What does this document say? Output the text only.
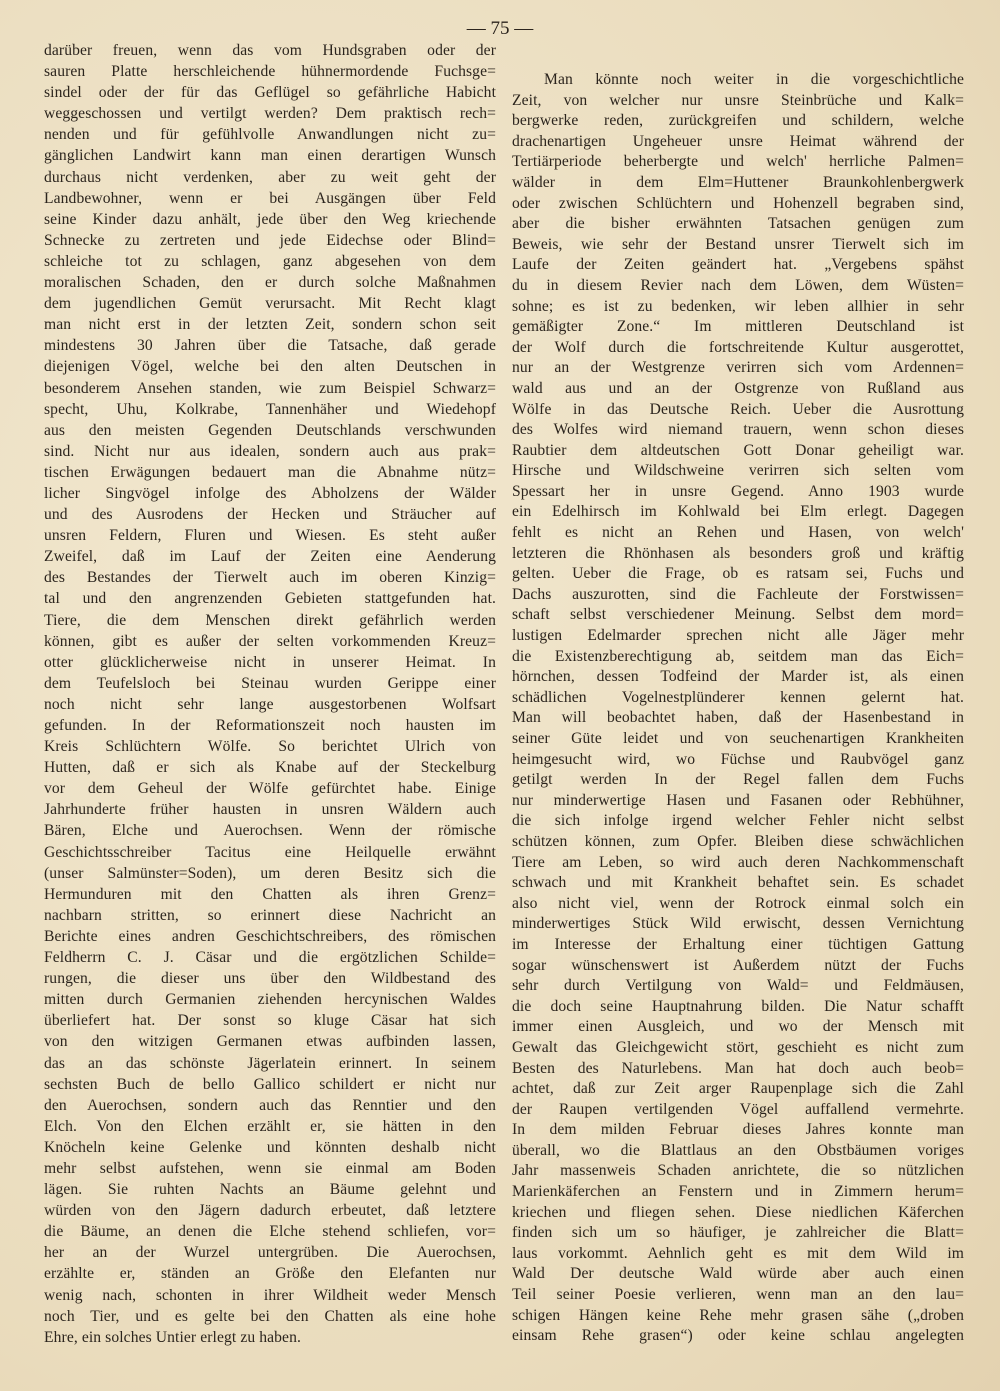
— 75 —
darüber freuen, wenn das vom Hundsgraben oder der
sauren Platte herschleichende hühnermordende Fuchsge=
sindel oder der für das Geflügel so gefährliche Habicht
weggeschossen und vertilgt werden? Dem praktisch rech=
nenden und für gefühlvolle Anwandlungen nicht zu=
gänglichen Landwirt kann man einen derartigen Wunsch
durchaus nicht verdenken, aber zu weit geht der
Landbewohner, wenn er bei Ausgängen über Feld
seine Kinder dazu anhält, jede über den Weg kriechende
Schnecke zu zertreten und jede Eidechse oder Blind=
schleiche tot zu schlagen, ganz abgesehen von dem
moralischen Schaden, den er durch solche Maßnahmen
dem jugendlichen Gemüt verursacht. Mit Recht klagt
man nicht erst in der letzten Zeit, sondern schon seit
mindestens 30 Jahren über die Tatsache, daß gerade
diejenigen Vögel, welche bei den alten Deutschen in
besonderem Ansehen standen, wie zum Beispiel Schwarz=
specht, Uhu, Kolkrabe, Tannenhäher und Wiedehopf
aus den meisten Gegenden Deutschlands verschwunden
sind. Nicht nur aus idealen, sondern auch aus prak=
tischen Erwägungen bedauert man die Abnahme nütz=
licher Singvögel infolge des Abholzens der Wälder
und des Ausrodens der Hecken und Sträucher auf
unsren Feldern, Fluren und Wiesen. Es steht außer
Zweifel, daß im Lauf der Zeiten eine Aenderung
des Bestandes der Tierwelt auch im oberen Kinzig=
tal und den angrenzenden Gebieten stattgefunden hat.
Tiere, die dem Menschen direkt gefährlich werden
können, gibt es außer der selten vorkommenden Kreuz=
otter glücklicherweise nicht in unserer Heimat. In
dem Teufelsloch bei Steinau wurden Gerippe einer
noch nicht sehr lange ausgestorbenen Wolfsart
gefunden. In der Reformationszeit noch hausten im
Kreis Schlüchtern Wölfe. So berichtet Ulrich von
Hutten, daß er sich als Knabe auf der Steckelburg
vor dem Geheul der Wölfe gefürchtet habe. Einige
Jahrhunderte früher hausten in unsren Wäldern auch
Bären, Elche und Auerochsen. Wenn der römische
Geschichtsschreiber Tacitus eine Heilquelle erwähnt
(unser Salmünster=Soden), um deren Besitz sich die
Hermunduren mit den Chatten als ihren Grenz=
nachbarn stritten, so erinnert diese Nachricht an
Berichte eines andren Geschichtschreibers, des römischen
Feldherrn C. J. Cäsar und die ergötzlichen Schilde=
rungen, die dieser uns über den Wildbestand des
mitten durch Germanien ziehenden hercynischen Waldes
überliefert hat. Der sonst so kluge Cäsar hat sich
von den witzigen Germanen etwas aufbinden lassen,
das an das schönste Jägerlatein erinnert. In seinem
sechsten Buch de bello Gallico schildert er nicht nur
den Auerochsen, sondern auch das Renntier und den
Elch. Von den Elchen erzählt er, sie hätten in den
Knöcheln keine Gelenke und könnten deshalb nicht
mehr selbst aufstehen, wenn sie einmal am Boden
lägen. Sie ruhten Nachts an Bäume gelehnt und
würden von den Jägern dadurch erbeutet, daß letztere
die Bäume, an denen die Elche stehend schliefen, vor=
her an der Wurzel untergrüben. Die Auerochsen,
erzählte er, ständen an Größe den Elefanten nur
wenig nach, schonten in ihrer Wildheit weder Mensch
noch Tier, und es gelte bei den Chatten als eine hohe
Ehre, ein solches Untier erlegt zu haben.
Man könnte noch weiter in die vorgeschichtliche
Zeit, von welcher nur unsre Steinbrüche und Kalk=
bergwerke reden, zurückgreifen und schildern, welche
drachenartigen Ungeheuer unsre Heimat während der
Tertiärperiode beherbergte und welch' herrliche Palmen=
wälder in dem Elm=Huttener Braunkohlenbergwerk
oder zwischen Schlüchtern und Hohenzell begraben sind,
aber die bisher erwähnten Tatsachen genügen zum
Beweis, wie sehr der Bestand unsrer Tierwelt sich im
Laufe der Zeiten geändert hat. „Vergebens spähst
du in diesem Revier nach dem Löwen, dem Wüsten=
sohne; es ist zu bedenken, wir leben allhier in sehr
gemäßigter Zone.“ Im mittleren Deutschland ist
der Wolf durch die fortschreitende Kultur ausgerottet,
nur an der Westgrenze verirren sich vom Ardennen=
wald aus und an der Ostgrenze von Rußland aus
Wölfe in das Deutsche Reich. Ueber die Ausrottung
des Wolfes wird niemand trauern, wenn schon dieses
Raubtier dem altdeutschen Gott Donar geheiligt war.
Hirsche und Wildschweine verirren sich selten vom
Spessart her in unsre Gegend. Anno 1903 wurde
ein Edelhirsch im Kohlwald bei Elm erlegt. Dagegen
fehlt es nicht an Rehen und Hasen, von welch'
letzteren die Rhönhasen als besonders groß und kräftig
gelten. Ueber die Frage, ob es ratsam sei, Fuchs und
Dachs auszurotten, sind die Fachleute der Forstwissen=
schaft selbst verschiedener Meinung. Selbst dem mord=
lustigen Edelmarder sprechen nicht alle Jäger mehr
die Existenzberechtigung ab, seitdem man das Eich=
hörnchen, dessen Todfeind der Marder ist, als einen
schädlichen Vogelnestplünderer kennen gelernt hat.
Man will beobachtet haben, daß der Hasenbestand in
seiner Güte leidet und von seuchenartigen Krankheiten
heimgesucht wird, wo Füchse und Raubvögel ganz
getilgt werden In der Regel fallen dem Fuchs
nur minderwertige Hasen und Fasanen oder Rebhühner,
die sich infolge irgend welcher Fehler nicht selbst
schützen können, zum Opfer. Bleiben diese schwächlichen
Tiere am Leben, so wird auch deren Nachkommenschaft
schwach und mit Krankheit behaftet sein. Es schadet
also nicht viel, wenn der Rotrock einmal solch ein
minderwertiges Stück Wild erwischt, dessen Vernichtung
im Interesse der Erhaltung einer tüchtigen Gattung
sogar wünschenswert ist Außerdem nützt der Fuchs
sehr durch Vertilgung von Wald= und Feldmäusen,
die doch seine Hauptnahrung bilden. Die Natur schafft
immer einen Ausgleich, und wo der Mensch mit
Gewalt das Gleichgewicht stört, geschieht es nicht zum
Besten des Naturlebens. Man hat doch auch beob=
achtet, daß zur Zeit arger Raupenplage sich die Zahl
der Raupen vertilgenden Vögel auffallend vermehrte.
In dem milden Februar dieses Jahres konnte man
überall, wo die Blattlaus an den Obstbäumen voriges
Jahr massenweis Schaden anrichtete, die so nützlichen
Marienkäferchen an Fenstern und in Zimmern herum=
kriechen und fliegen sehen. Diese niedlichen Käferchen
finden sich um so häufiger, je zahlreicher die Blatt=
laus vorkommt. Aehnlich geht es mit dem Wild im
Wald Der deutsche Wald würde aber auch einen
Teil seiner Poesie verlieren, wenn man an den lau=
schigen Hängen keine Rehe mehr grasen sähe („droben
einsam Rehe grasen“) oder keine schlau angelegten
